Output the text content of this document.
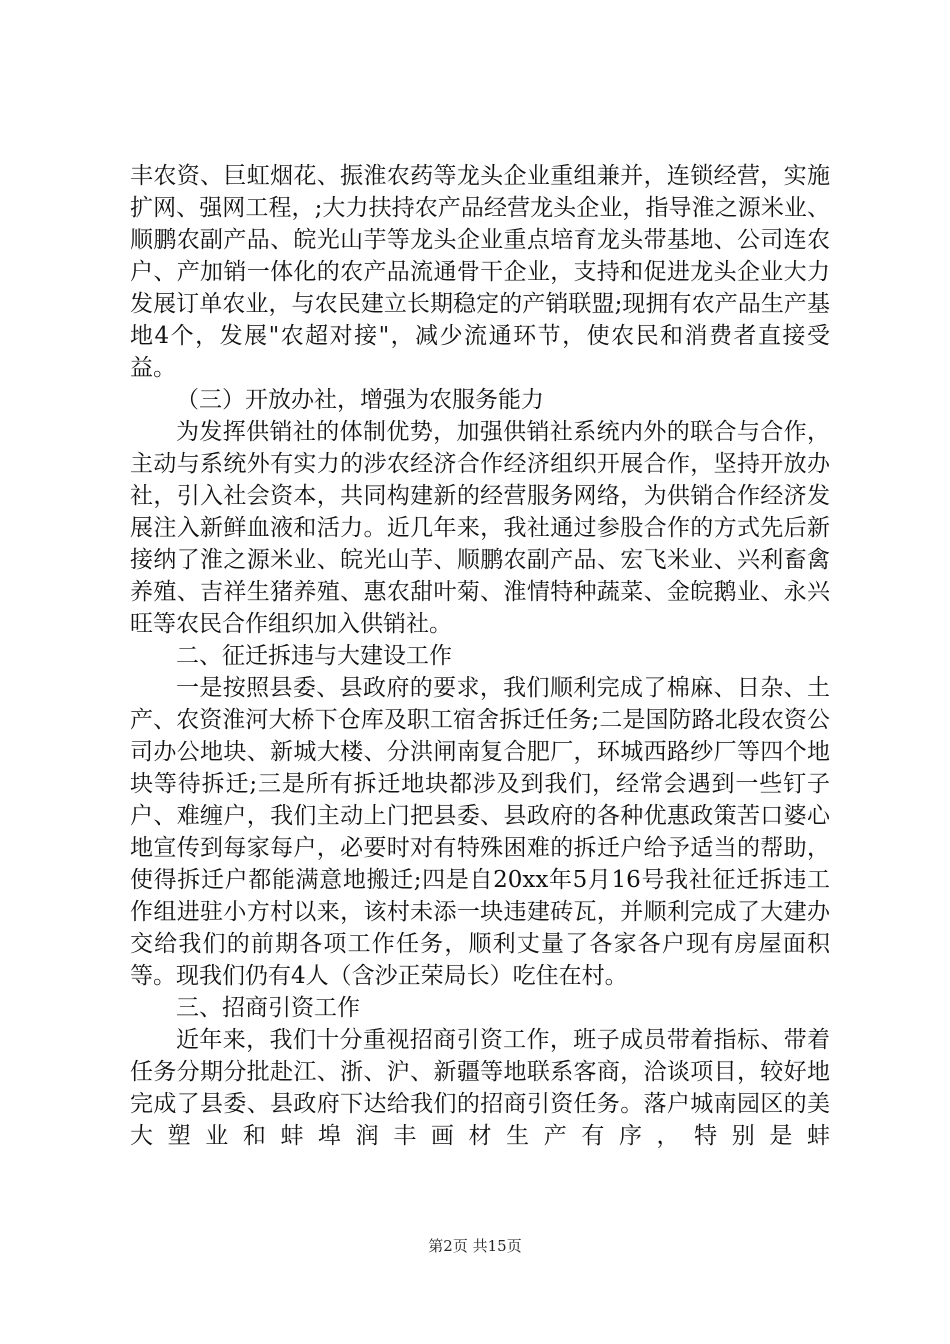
丰农资、巨虹烟花、振淮农药等龙头企业重组兼并，连锁经营，实施扩网、强网工程，;大力扶持农产品经营龙头企业，指导淮之源米业、顺鹏农副产品、皖光山芋等龙头企业重点培育龙头带基地、公司连农户、产加销一体化的农产品流通骨干企业，支持和促进龙头企业大力发展订单农业，与农民建立长期稳定的产销联盟;现拥有农产品生产基地4个，发展"农超对接"，减少流通环节，使农民和消费者直接受益。

（三）开放办社，增强为农服务能力

为发挥供销社的体制优势，加强供销社系统内外的联合与合作，主动与系统外有实力的涉农经济合作经济组织开展合作，坚持开放办社，引入社会资本，共同构建新的经营服务网络，为供销合作经济发展注入新鲜血液和活力。近几年来，我社通过参股合作的方式先后新接纳了淮之源米业、皖光山芋、顺鹏农副产品、宏飞米业、兴利畜禽养殖、吉祥生猪养殖、惠农甜叶菊、淮情特种蔬菜、金皖鹅业、永兴旺等农民合作组织加入供销社。

二、征迁拆违与大建设工作

一是按照县委、县政府的要求，我们顺利完成了棉麻、日杂、土产、农资淮河大桥下仓库及职工宿舍拆迁任务;二是国防路北段农资公司办公地块、新城大楼、分洪闸南复合肥厂，环城西路纱厂等四个地块等待拆迁;三是所有拆迁地块都涉及到我们，经常会遇到一些钉子户、难缠户，我们主动上门把县委、县政府的各种优惠政策苦口婆心地宣传到每家每户，必要时对有特殊困难的拆迁户给予适当的帮助，使得拆迁户都能满意地搬迁;四是自20xx年5月16号我社征迁拆违工作组进驻小方村以来，该村未添一块违建砖瓦，并顺利完成了大建办交给我们的前期各项工作任务，顺利丈量了各家各户现有房屋面积等。现我们仍有4人（含沙正荣局长）吃住在村。

三、招商引资工作

近年来，我们十分重视招商引资工作，班子成员带着指标、带着任务分期分批赴江、浙、沪、新疆等地联系客商，洽谈项目，较好地完成了县委、县政府下达给我们的招商引资任务。落户城南园区的美大塑业和蚌埠润丰画材生产有序，特别是蚌

第2页 共15页
